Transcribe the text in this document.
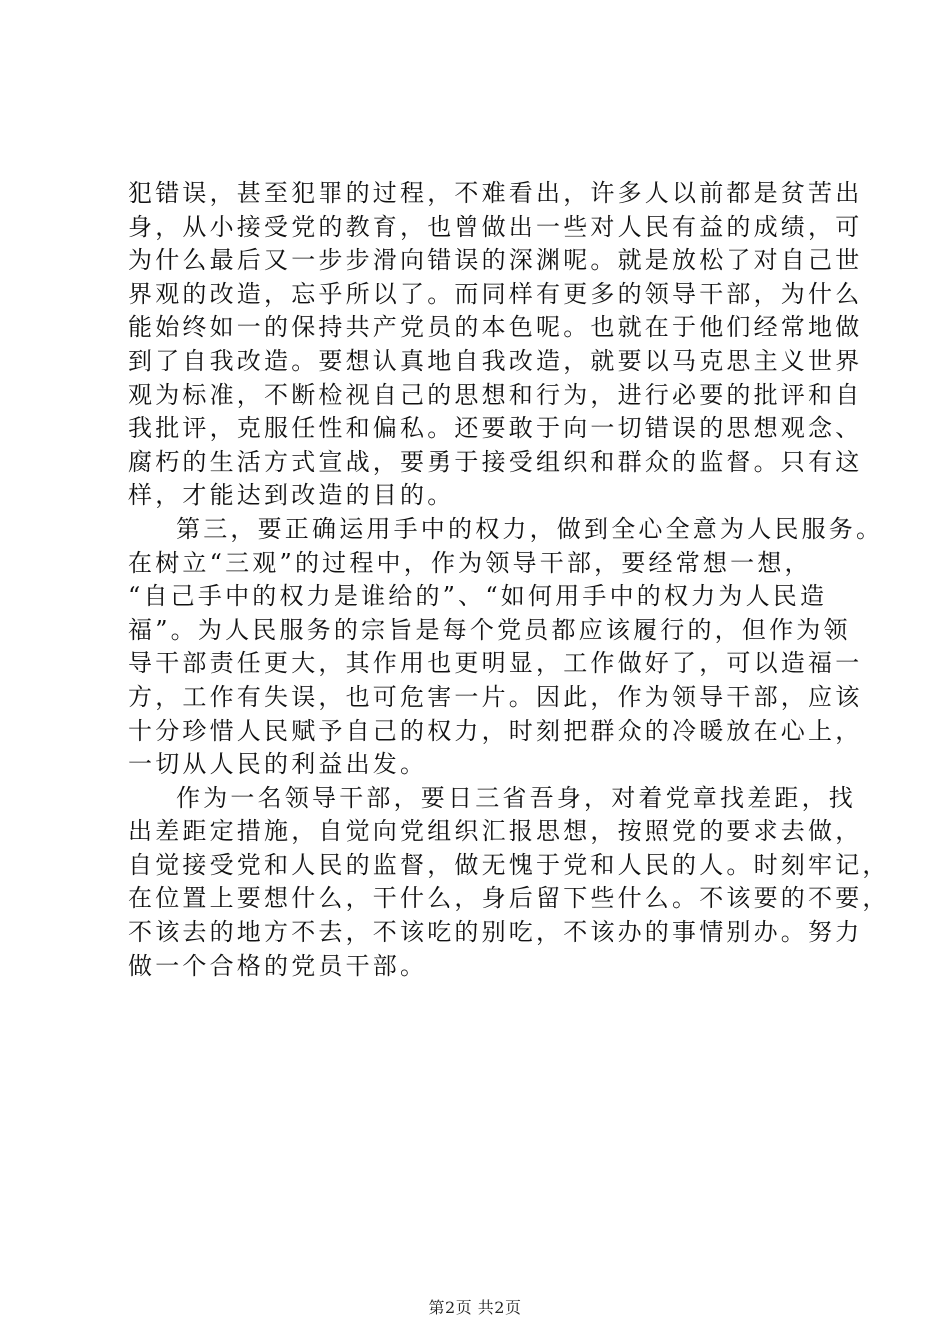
犯错误，甚至犯罪的过程，不难看出，许多人以前都是贫苦出
身，从小接受党的教育，也曾做出一些对人民有益的成绩，可
为什么最后又一步步滑向错误的深渊呢。就是放松了对自己世
界观的改造，忘乎所以了。而同样有更多的领导干部，为什么
能始终如一的保持共产党员的本色呢。也就在于他们经常地做
到了自我改造。要想认真地自我改造，就要以马克思主义世界
观为标准，不断检视自己的思想和行为，进行必要的批评和自
我批评，克服任性和偏私。还要敢于向一切错误的思想观念、
腐朽的生活方式宣战，要勇于接受组织和群众的监督。只有这
样，才能达到改造的目的。
第三，要正确运用手中的权力，做到全心全意为人民服务。
在树立“三观”的过程中，作为领导干部，要经常想一想，
“自己手中的权力是谁给的”、“如何用手中的权力为人民造
福”。为人民服务的宗旨是每个党员都应该履行的，但作为领
导干部责任更大，其作用也更明显，工作做好了，可以造福一
方，工作有失误，也可危害一片。因此，作为领导干部，应该
十分珍惜人民赋予自己的权力，时刻把群众的冷暖放在心上，
一切从人民的利益出发。
作为一名领导干部，要日三省吾身，对着党章找差距，找
出差距定措施，自觉向党组织汇报思想，按照党的要求去做，
自觉接受党和人民的监督，做无愧于党和人民的人。时刻牢记，
在位置上要想什么，干什么，身后留下些什么。不该要的不要，
不该去的地方不去，不该吃的别吃，不该办的事情别办。努力
做一个合格的党员干部。
第2页 共2页
